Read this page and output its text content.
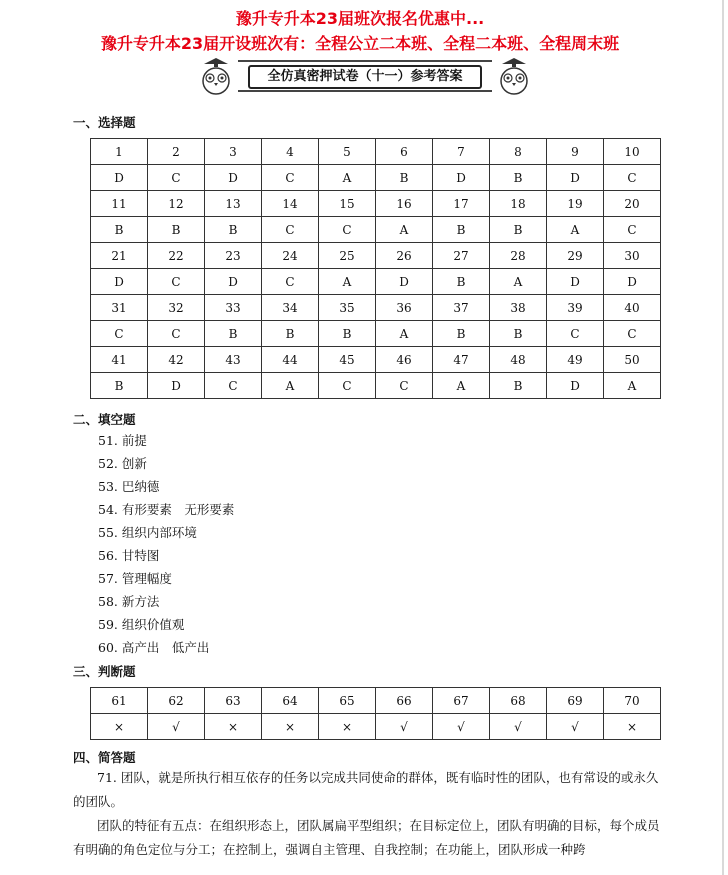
豫升专升本23届班次报名优惠中...
豫升专升本23届开设班次有：全程公立二本班、全程二本班、全程周末班
全仿真密押试卷（十一）参考答案
一、选择题
1	2	3	4	5	6	7	8	9	10
D	C	D	C	A	B	D	B	D	C
11	12	13	14	15	16	17	18	19	20
B	B	B	C	C	A	B	B	A	C
21	22	23	24	25	26	27	28	29	30
D	C	D	C	A	D	B	A	D	D
31	32	33	34	35	36	37	38	39	40
C	C	B	B	B	A	B	B	C	C
41	42	43	44	45	46	47	48	49	50
B	D	C	A	C	C	A	B	D	A
二、填空题
51. 前提
52. 创新
53. 巴纳德
54. 有形要素　无形要素
55. 组织内部环境
56. 甘特图
57. 管理幅度
58. 新方法
59. 组织价值观
60. 高产出　低产出
三、判断题
61	62	63	64	65	66	67	68	69	70
×	√	×	×	×	√	√	√	√	×
四、简答题
71. 团队，就是所执行相互依存的任务以完成共同使命的群体，既有临时性的团队，也有常设的或永久的团队。
团队的特征有五点：在组织形态上，团队属扁平型组织；在目标定位上，团队有明确的目标，每个成员有明确的角色定位与分工；在控制上，强调自主管理、自我控制；在功能上，团队形成一种跨
